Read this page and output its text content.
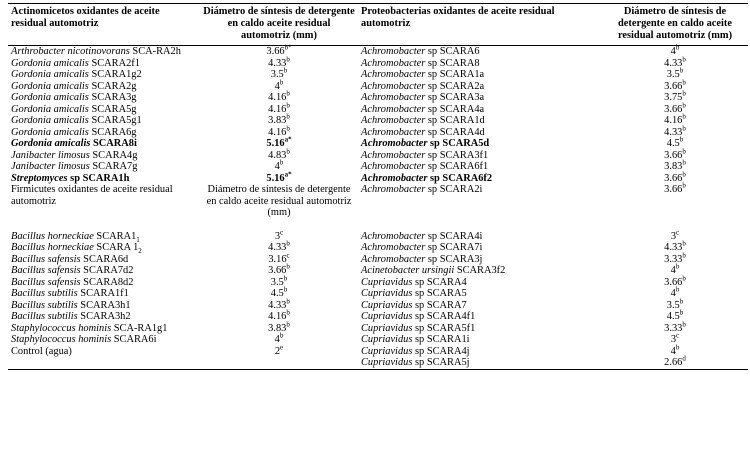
Actinomicetos oxidantes de aceite residual automotriz	Diámetro de síntesis de detergente en caldo aceite residual automotriz (mm)	Proteobacterias oxidantes de aceite residual automotriz	Diámetro de síntesis de detergente en caldo aceite residual automotriz (mm)
Arthrobacter nicotinovorans SCA-RA2h	$3.66^{b*}$	Achromobacter sp SCARA6	4$^b$
Gordonia amicalis SCARA2f1	4.33$^b$	Achromobacter sp SCARA8	4.33$^b$
Gordonia amicalis SCARA1g2	3.5$^b$	Achromobacter sp SCARA1a	3.5$^b$
Gordonia amicalis SCARA2g	4$^b$	Achromobacter sp SCARA2a	3.66$^b$
Gordonia amicalis SCARA3g	4.16$^b$	Achromobacter sp SCARA3a	3.75$^b$
Gordonia amicalis SCARA5g	4.16$^b$	Achromobacter sp SCARA4a	3.66$^b$
Gordonia amicalis SCARA5g1	3.83$^b$	Achromobacter sp SCARA1d	4.16$^b$
Gordonia amicalis SCARA6g	4.16$^b$	Achromobacter sp SCARA4d	4.33$^b$
Gordonia amicalis SCARA8i	$5.16^{a*}$	Achromobacter sp SCARA5d	4.5$^b$
Janibacter limosus SCARA4g	4.83$^b$	Achromobacter sp SCARA3f1	3.66$^b$
Janibacter limosus SCARA7g	4$^b$	Achromobacter sp SCARA6f1	3.83$^b$
Streptomyces sp SCARA1h	$5.16^{a*}$	Achromobacter sp SCARA6f2	3.66$^b$
Firmicutes oxidantes de aceite residual automotriz	Diámetro de síntesis de detergente en caldo aceite residual automotriz (mm)	Achromobacter sp SCARA2i	3.66$^b$

Bacillus horneckiae $SCARA1_1$	3$^c$	Achromobacter sp SCARA4i	3$^c$
Bacillus horneckiae SCARA $1_2$	4.33$^b$	Achromobacter sp SCARA7i	4.33$^b$
Bacillus safensis SCARA6d	3.16$^c$	Achromobacter sp SCARA3j	3.33$^b$
Bacillus safensis SCARA7d2	3.66$^b$	Acinetobacter ursingii SCARA3f2	4$^b$
Bacillus safensis SCARA8d2	3.5$^b$	Cupriavidus sp SCARA4	3.66$^b$
Bacillus subtilis SCARA1f1	4.5$^b$	Cupriavidus sp SCARA5	4$^b$
Bacillus subtilis SCARA3h1	4.33$^b$	Cupriavidus sp SCARA7	3.5$^b$
Bacillus subtilis SCARA3h2	4.16$^b$	Cupriavidus sp SCARA4f1	4.5$^b$
Staphylococcus hominis SCA-RA1g1	3.83$^b$	Cupriavidus sp SCARA5f1	3.33$^b$
Staphylococcus hominis SCARA6i	4$^b$	Cupriavidus sp SCARA1i	3$^c$
Control (agua)	2e	Cupriavidus sp SCARA4j	4$^b$
		Cupriavidus sp SCARA5j	2.66$^d$
